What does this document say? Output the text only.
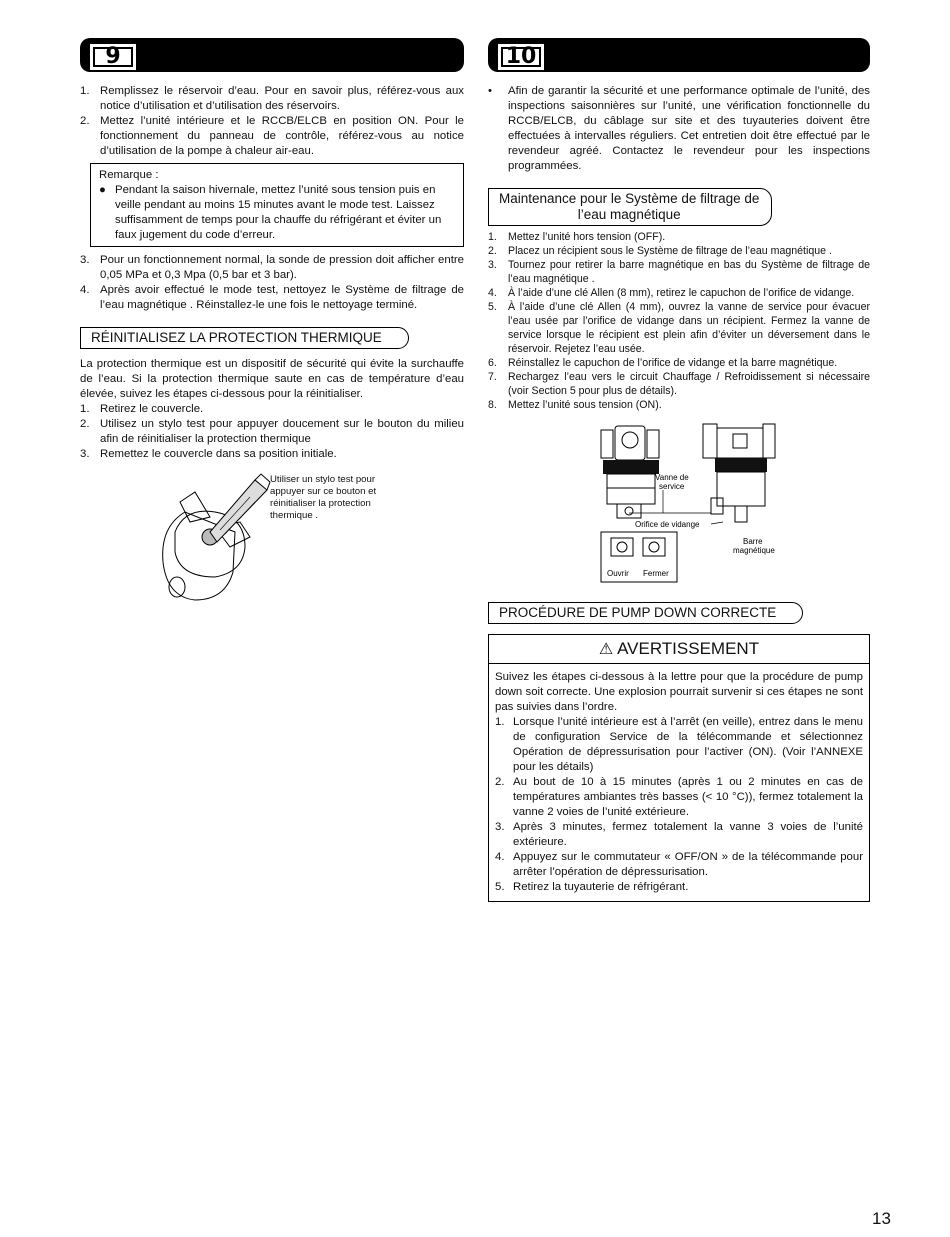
9
1. Remplissez le réservoir d’eau. Pour en savoir plus, référez-vous aux notice d’utilisation et d’utilisation des réservoirs.
2. Mettez l’unité intérieure et le RCCB/ELCB en position ON. Pour le fonctionnement du panneau de contrôle, référez-vous au notice d’utilisation de la pompe à chaleur air-eau.
Remarque :
● Pendant la saison hivernale, mettez l’unité sous tension puis en veille pendant au moins 15 minutes avant le mode test. Laissez suffisamment de temps pour la chauffe du réfrigérant et éviter un faux jugement du code d’erreur.
3. Pour un fonctionnement normal, la sonde de pression doit afficher entre 0,05 MPa et 0,3 Mpa (0,5 bar et 3 bar).
4. Après avoir effectué le mode test, nettoyez le Système de filtrage de l’eau magnétique . Réinstallez-le une fois le nettoyage terminé.
RÉINITIALISEZ LA PROTECTION THERMIQUE

La protection thermique est un dispositif de sécurité qui évite la surchauffe de l’eau. Si la protection thermique saute en cas de température d’eau élevée, suivez les étapes ci-dessous pour la réinitialiser.

1. Retirez le couvercle.
2. Utilisez un stylo test pour appuyer doucement sur le bouton du milieu afin de réinitialiser la protection thermique
3. Remettez le couvercle dans sa position initiale.
Utiliser un stylo test pour appuyer sur ce bouton et réinitialiser la protection thermique .
10
• Afin de garantir la sécurité et une performance optimale de l’unité, des inspections saisonnières sur l’unité, une vérification fonctionnelle du RCCB/ELCB, du câblage sur site et des tuyauteries doivent être effectuées à intervalles réguliers. Cet entretien doit être effectué par le revendeur agréé. Contactez le revendeur pour les inspections programmées.
Maintenance pour le Système de filtrage de
l’eau magnétique
1. Mettez l’unité hors tension (OFF).
2. Placez un récipient sous le Système de filtrage de l’eau magnétique .
3. Tournez pour retirer la barre magnétique en bas du Système de filtrage de l’eau magnétique .
4. À l’aide d’une clé Allen (8 mm), retirez le capuchon de l’orifice de vidange.
5. À l’aide d’une clé Allen (4 mm), ouvrez la vanne de service pour évacuer l’eau usée par l’orifice de vidange dans un récipient. Fermez la vanne de service lorsque le récipient est plein afin d’éviter un déversement dans le réservoir. Rejetez l’eau usée.
6. Réinstallez le capuchon de l’orifice de vidange et la barre magnétique.
7. Rechargez l’eau vers le circuit Chauffage / Refroidissement si nécessaire (voir Section 5 pour plus de détails).
8. Mettez l’unité sous tension (ON).
Vanne de
service
Orifice de vidange
Barre
magnétique
Ouvrir Fermer
PROCÉDURE DE PUMP DOWN CORRECTE
⚠ AVERTISSEMENT

Suivez les étapes ci-dessous à la lettre pour que la procédure de pump down soit correcte. Une explosion pourrait survenir si ces étapes ne sont pas suivies dans l’ordre.

1. Lorsque l’unité intérieure est à l’arrêt (en veille), entrez dans le menu de configuration Service de la télécommande et sélectionnez Opération de dépressurisation pour l’activer (ON). (Voir l’ANNEXE pour les détails)
2. Au bout de 10 à 15 minutes (après 1 ou 2 minutes en cas de températures ambiantes très basses (< 10 °C)), fermez totalement la vanne 2 voies de l’unité extérieure.
3. Après 3 minutes, fermez totalement la vanne 3 voies de l’unité extérieure.
4. Appuyez sur le commutateur « OFF/ON » de la télécommande pour arrêter l’opération de dépressurisation.
5. Retirez la tuyauterie de réfrigérant.
13
